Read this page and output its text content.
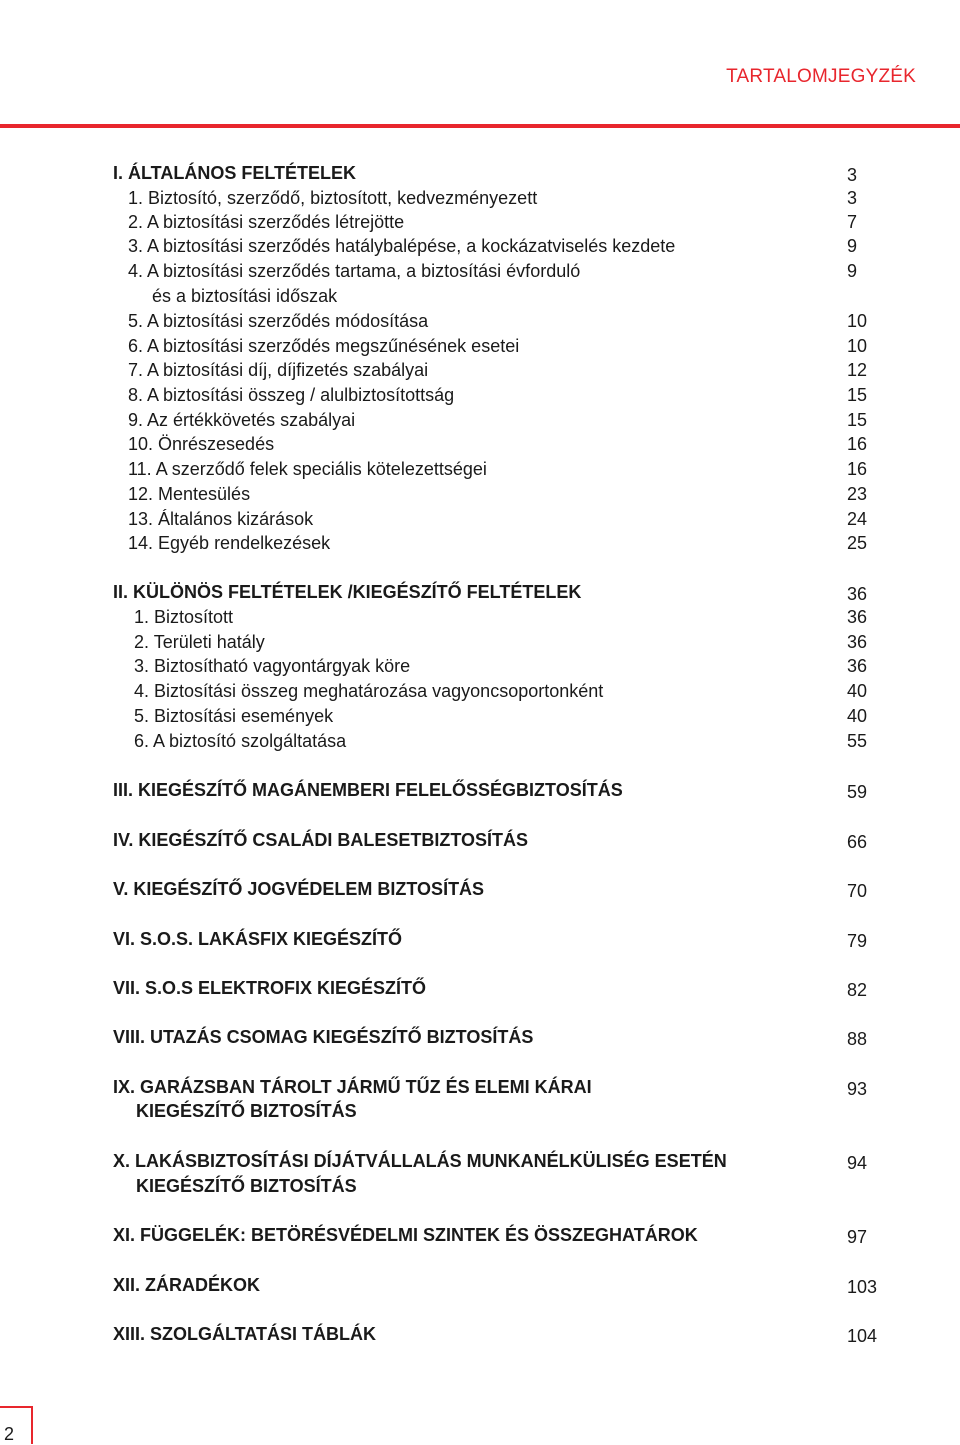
TARTALOMJEGYZÉK
I. ÁLTALÁNOS FELTÉTELEK	3
1. Biztosító, szerződő, biztosított, kedvezményezett	3
2. A biztosítási szerződés létrejötte	7
3. A biztosítási szerződés hatálybalépése, a kockázatviselés kezdete	9
4. A biztosítási szerződés tartama, a biztosítási évforduló	9
és a biztosítási időszak
5. A biztosítási szerződés módosítása	10
6. A biztosítási szerződés megszűnésének esetei	10
7. A biztosítási díj, díjfizetés szabályai	12
8. A biztosítási összeg / alulbiztosítottság	15
9. Az értékkövetés szabályai	15
10. Önrészesedés	16
11. A szerződő felek speciális kötelezettségei	16
12. Mentesülés	23
13. Általános kizárások	24
14. Egyéb rendelkezések	25
II. KÜLÖNÖS FELTÉTELEK /KIEGÉSZÍTŐ FELTÉTELEK	36
1. Biztosított	36
2. Területi hatály	36
3. Biztosítható vagyontárgyak köre	36
4. Biztosítási összeg meghatározása vagyoncsoportonként	40
5. Biztosítási események	40
6. A biztosító szolgáltatása	55
III. KIEGÉSZÍTŐ MAGÁNEMBERI FELELŐSSÉGBIZTOSÍTÁS	59
IV. KIEGÉSZÍTŐ CSALÁDI BALESETBIZTOSÍTÁS	66
V. KIEGÉSZÍTŐ JOGVÉDELEM BIZTOSÍTÁS	70
VI. S.O.S. LAKÁSFIX KIEGÉSZÍTŐ	79
VII. S.O.S ELEKTROFIX KIEGÉSZÍTŐ	82
VIII. UTAZÁS CSOMAG KIEGÉSZÍTŐ BIZTOSÍTÁS	88
IX. GARÁZSBAN TÁROLT JÁRMŰ TŰZ ÉS ELEMI KÁRAI	93
KIEGÉSZÍTŐ BIZTOSÍTÁS
X. LAKÁSBIZTOSÍTÁSI DÍJÁTVÁLLALÁS MUNKANÉLKÜLISÉG ESETÉN	94
KIEGÉSZÍTŐ BIZTOSÍTÁS
XI. FÜGGELÉK: BETÖRÉSVÉDELMI SZINTEK ÉS ÖSSZEGHATÁROK	97
XII. ZÁRADÉKOK	103
XIII. SZOLGÁLTATÁSI TÁBLÁK	104
2
